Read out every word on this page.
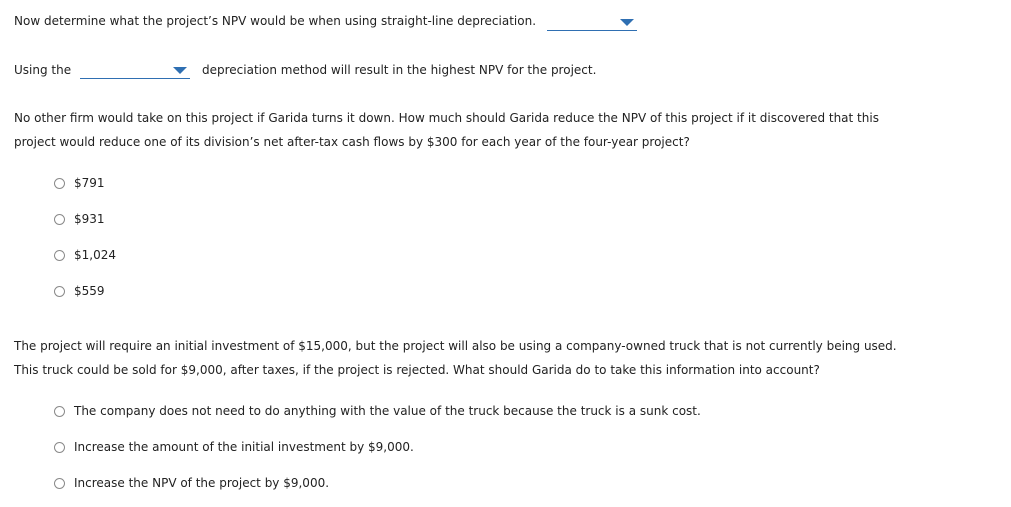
Now determine what the project’s NPV would be when using straight-line depreciation.
Using the	depreciation method will result in the highest NPV for the project.
No other firm would take on this project if Garida turns it down. How much should Garida reduce the NPV of this project if it discovered that this
project would reduce one of its division’s net after-tax cash flows by $300 for each year of the four-year project?
$791
$931
$1,024
$559
The project will require an initial investment of $15,000, but the project will also be using a company-owned truck that is not currently being used.
This truck could be sold for $9,000, after taxes, if the project is rejected. What should Garida do to take this information into account?
The company does not need to do anything with the value of the truck because the truck is a sunk cost.
Increase the amount of the initial investment by $9,000.
Increase the NPV of the project by $9,000.
